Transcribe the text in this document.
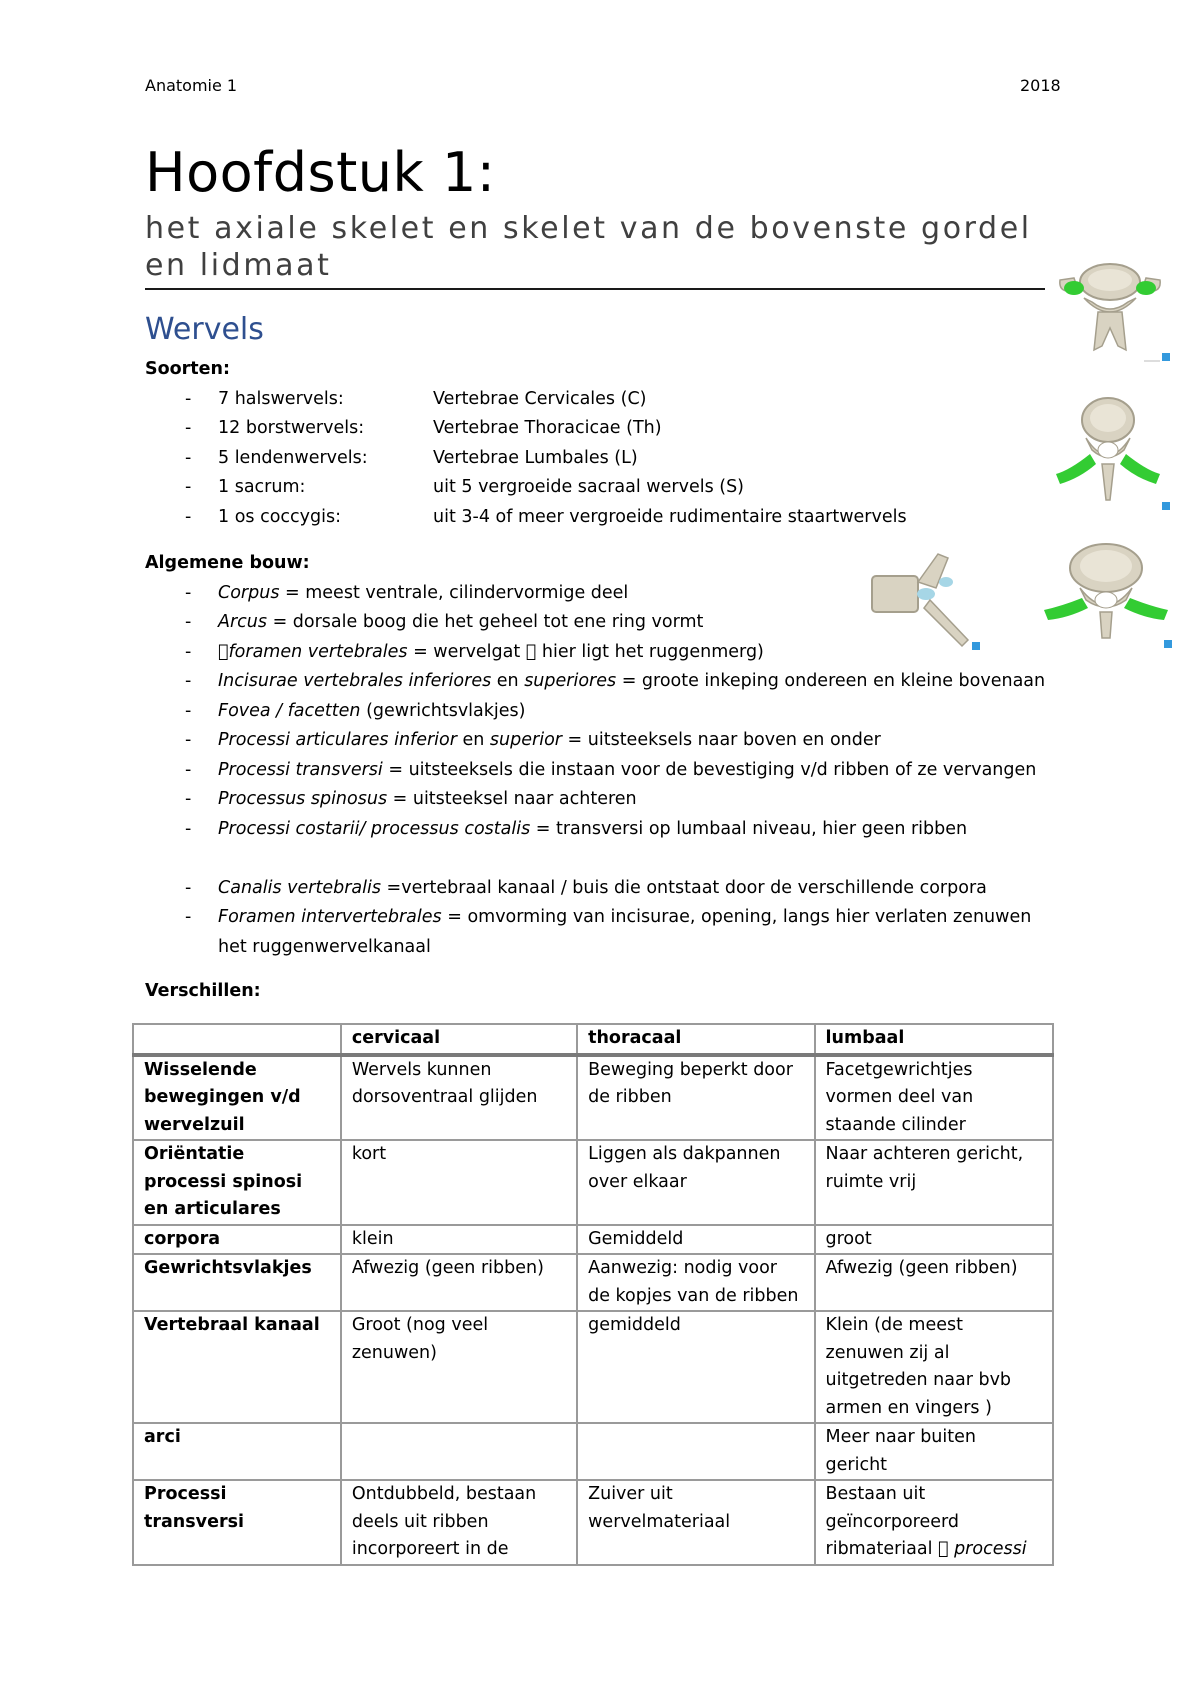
Anatomie 1	2018
Hoofdstuk 1:
het axiale skelet en skelet van de bovenste gordel en lidmaat
Wervels
Soorten:
- 7 halswervels:	Vertebrae Cervicales (C)
- 12 borstwervels:	Vertebrae Thoracicae (Th)
- 5 lendenwervels:	Vertebrae Lumbales (L)
- 1 sacrum:	uit 5 vergroeide sacraal wervels (S)
- 1 os coccygis:	uit 3-4 of meer vergroeide rudimentaire staartwervels
Algemene bouw:
- Corpus = meest ventrale, cilindervormige deel
- Arcus = dorsale boog die het geheel tot ene ring vormt
- foramen vertebrales = wervelgat hier ligt het ruggenmerg)
- Incisurae vertebrales inferiores en superiores = groote inkeping ondereen en kleine bovenaan
- Fovea / facetten (gewrichtsvlakjes)
- Processi articulares inferior en superior = uitsteeksels naar boven en onder
- Processi transversi = uitsteeksels die instaan voor de bevestiging v/d ribben of ze vervangen
- Processus spinosus = uitsteeksel naar achteren
- Processi costarii/ processus costalis = transversi op lumbaal niveau, hier geen ribben
- Canalis vertebralis =vertebraal kanaal / buis die ontstaat door de verschillende corpora
- Foramen intervertebrales = omvorming van incisurae, opening, langs hier verlaten zenuwen het ruggenwervelkanaal
Verschillen:
	cervicaal	thoracaal	lumbaal
Wisselende bewegingen v/d wervelzuil	Wervels kunnen dorsoventraal glijden	Beweging beperkt door de ribben	Facetgewrichtjes vormen deel van staande cilinder
Oriëntatie processi spinosi en articulares	kort	Liggen als dakpannen over elkaar	Naar achteren gericht, ruimte vrij
corpora	klein	Gemiddeld	groot
Gewrichtsvlakjes	Afwezig (geen ribben)	Aanwezig: nodig voor de kopjes van de ribben	Afwezig (geen ribben)
Vertebraal kanaal	Groot (nog veel zenuwen)	gemiddeld	Klein (de meest zenuwen zij al uitgetreden naar bvb armen en vingers )
arci			Meer naar buiten gericht
Processi transversi	Ontdubbeld, bestaan deels uit ribben incorporeert in de	Zuiver uit wervelmateriaal	Bestaan uit geïncorporeerd ribmateriaal processi
